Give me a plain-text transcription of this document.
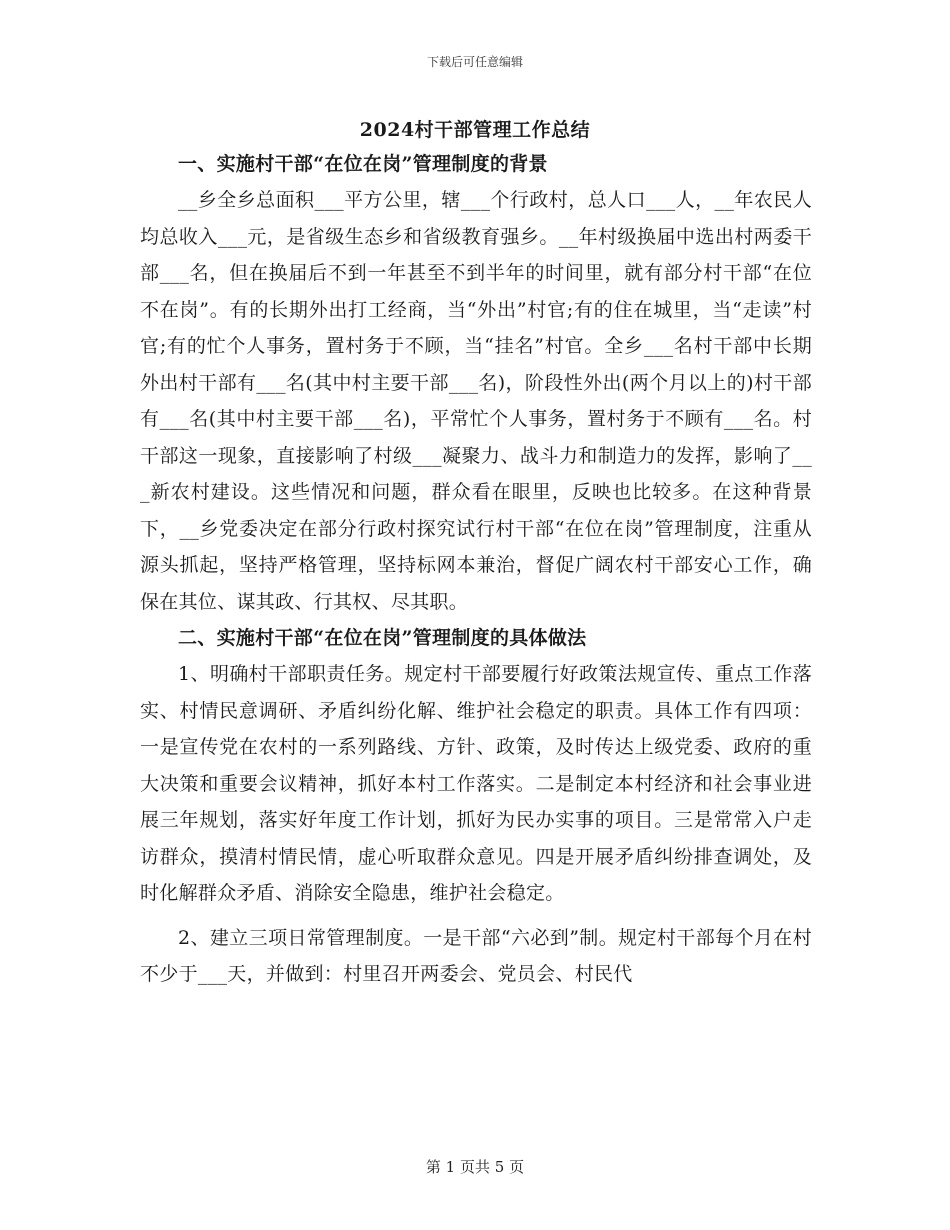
下载后可任意编辑
2024村干部管理工作总结

一、实施村干部“在位在岗”管理制度的背景

__乡全乡总面积___平方公里，辖___个行政村，总人口___人，__年农民人均总收入___元，是省级生态乡和省级教育强乡。__年村级换届中选出村两委干部___名，但在换届后不到一年甚至不到半年的时间里，就有部分村干部“在位不在岗”。有的长期外出打工经商，当“外出”村官;有的住在城里，当“走读”村官;有的忙个人事务，置村务于不顾，当“挂名”村官。全乡___名村干部中长期外出村干部有___名(其中村主要干部___名)，阶段性外出(两个月以上的)村干部有___名(其中村主要干部___名)，平常忙个人事务，置村务于不顾有___名。村干部这一现象，直接影响了村级___凝聚力、战斗力和制造力的发挥，影响了___新农村建设。这些情况和问题，群众看在眼里，反映也比较多。在这种背景下，__乡党委决定在部分行政村探究试行村干部“在位在岗”管理制度，注重从源头抓起，坚持严格管理，坚持标网本兼治，督促广阔农村干部安心工作，确保在其位、谋其政、行其权、尽其职。

二、实施村干部“在位在岗”管理制度的具体做法

1、明确村干部职责任务。规定村干部要履行好政策法规宣传、重点工作落实、村情民意调研、矛盾纠纷化解、维护社会稳定的职责。具体工作有四项：一是宣传党在农村的一系列路线、方针、政策，及时传达上级党委、政府的重大决策和重要会议精神，抓好本村工作落实。二是制定本村经济和社会事业进展三年规划，落实好年度工作计划，抓好为民办实事的项目。三是常常入户走访群众，摸清村情民情，虚心听取群众意见。四是开展矛盾纠纷排查调处，及时化解群众矛盾、消除安全隐患，维护社会稳定。

2、建立三项日常管理制度。一是干部“六必到”制。规定村干部每个月在村不少于___天，并做到：村里召开两委会、党员会、村民代

第 1 页共 5 页
